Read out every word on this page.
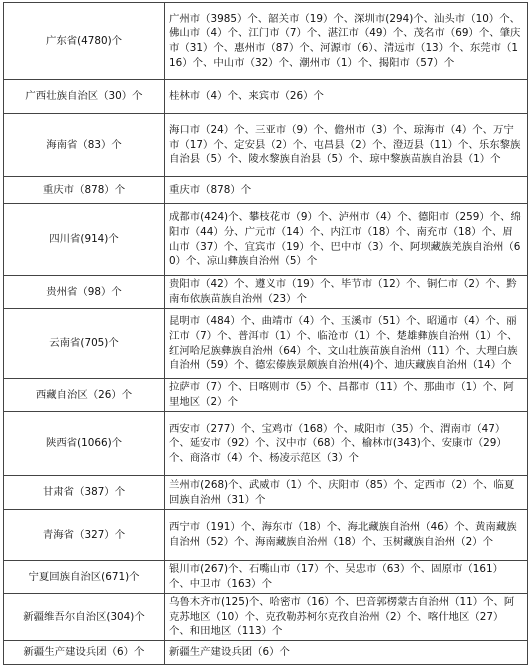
广东省(4780)个	广州市（3985）个、韶关市（19）个、深圳市(294)个、汕头市（10）个、佛山市（4）个、江门市（7）个、湛江市（49）个、茂名市（69）个、肇庆市（31）个、惠州市（87）个、河源市（6）、清远市（13）个、东莞市（116）个、中山市（32）个、潮州市（1）个、揭阳市（57）个
广西壮族自治区（30）个	桂林市（4）个、来宾市（26）个
海南省（83）个	海口市（24）个、三亚市（9）个、儋州市（3）个、琼海市（4）个、万宁市（17）个、定安县（2）个、屯昌县（2）个、澄迈县（11）个、乐东黎族自治县（5）个、陵水黎族自治县（5）个、琼中黎族苗族自治县（1）个
重庆市（878）个	重庆市（878）个
四川省(914)个	成都市(424)个、攀枝花市（9）个、泸州市（4）个、德阳市（259）个、绵阳市（44）分、广元市（14）个、内江市（18）个、南充市（18）个、眉山市（37）个、宜宾市（19）个、巴中市（3）个、阿坝藏族羌族自治州（60）个、凉山彝族自治州（5）个
贵州省（98）个	贵阳市（42）个、遵义市（19）个、毕节市（12）个、铜仁市（2）个、黔南布依族苗族自治州（23）个
云南省(705)个	昆明市（484）个、曲靖市（4）个、玉溪市（51）个、昭通市（4）个、丽江市（7）个、普洱市（1）个、临沧市（1）个、楚雄彝族自治州（1）个、红河哈尼族彝族自治州（64）个、文山壮族苗族自治州（11）个、大理白族自治州（59）个、德宏傣族景颇族自治州(4)个、迪庆藏族自治州（14）个
西藏自治区（26）个	拉萨市（7）个、日喀则市（5）个、昌都市（11）个、那曲市（1）个、阿里地区（2）个
陕西省(1066)个	西安市（277）个、宝鸡市（168）个、咸阳市（35）个、渭南市（47）个、延安市（92）个、汉中市（68）个、榆林市(343)个、安康市（29）个、商洛市（4）个、杨凌示范区（3）个
甘肃省（387）个	兰州市(268)个、武威市（1）个、庆阳市（85）个、定西市（2）个、临夏回族自治州（31）个
青海省（327）个	西宁市（191）个、海东市（18）个、海北藏族自治州（46）个、黄南藏族自治州（52）个、海南藏族自治州（18）个、玉树藏族自治州（2）个
宁夏回族自治区(671)个	银川市(267)个、石嘴山市（17）个、吴忠市（63）个、固原市（161）个、中卫市（163）个
新疆维吾尔自治区(304)个	乌鲁木齐市(125)个、哈密市（16）个、巴音郭楞蒙古自治州（11）个、阿克苏地区（10）个、克孜勒苏柯尔克孜自治州（2）个、喀什地区（27）个、和田地区（113）个
新疆生产建设兵团（6）个	新疆生产建设兵团（6）个
